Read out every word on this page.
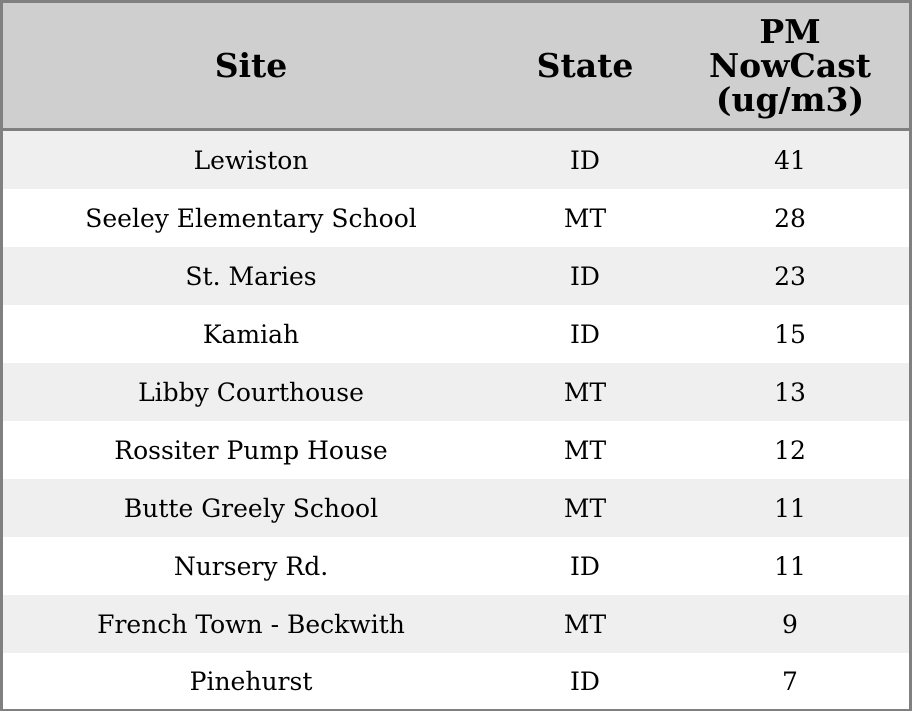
Site	State	PM
NowCast
(ug/m3)

Lewiston	ID	41
Seeley Elementary School	MT	28
St. Maries	ID	23
Kamiah	ID	15
Libby Courthouse	MT	13
Rossiter Pump House	MT	12
Butte Greely School	MT	11
Nursery Rd.	ID	11
French Town - Beckwith	MT	9
Pinehurst	ID	7
